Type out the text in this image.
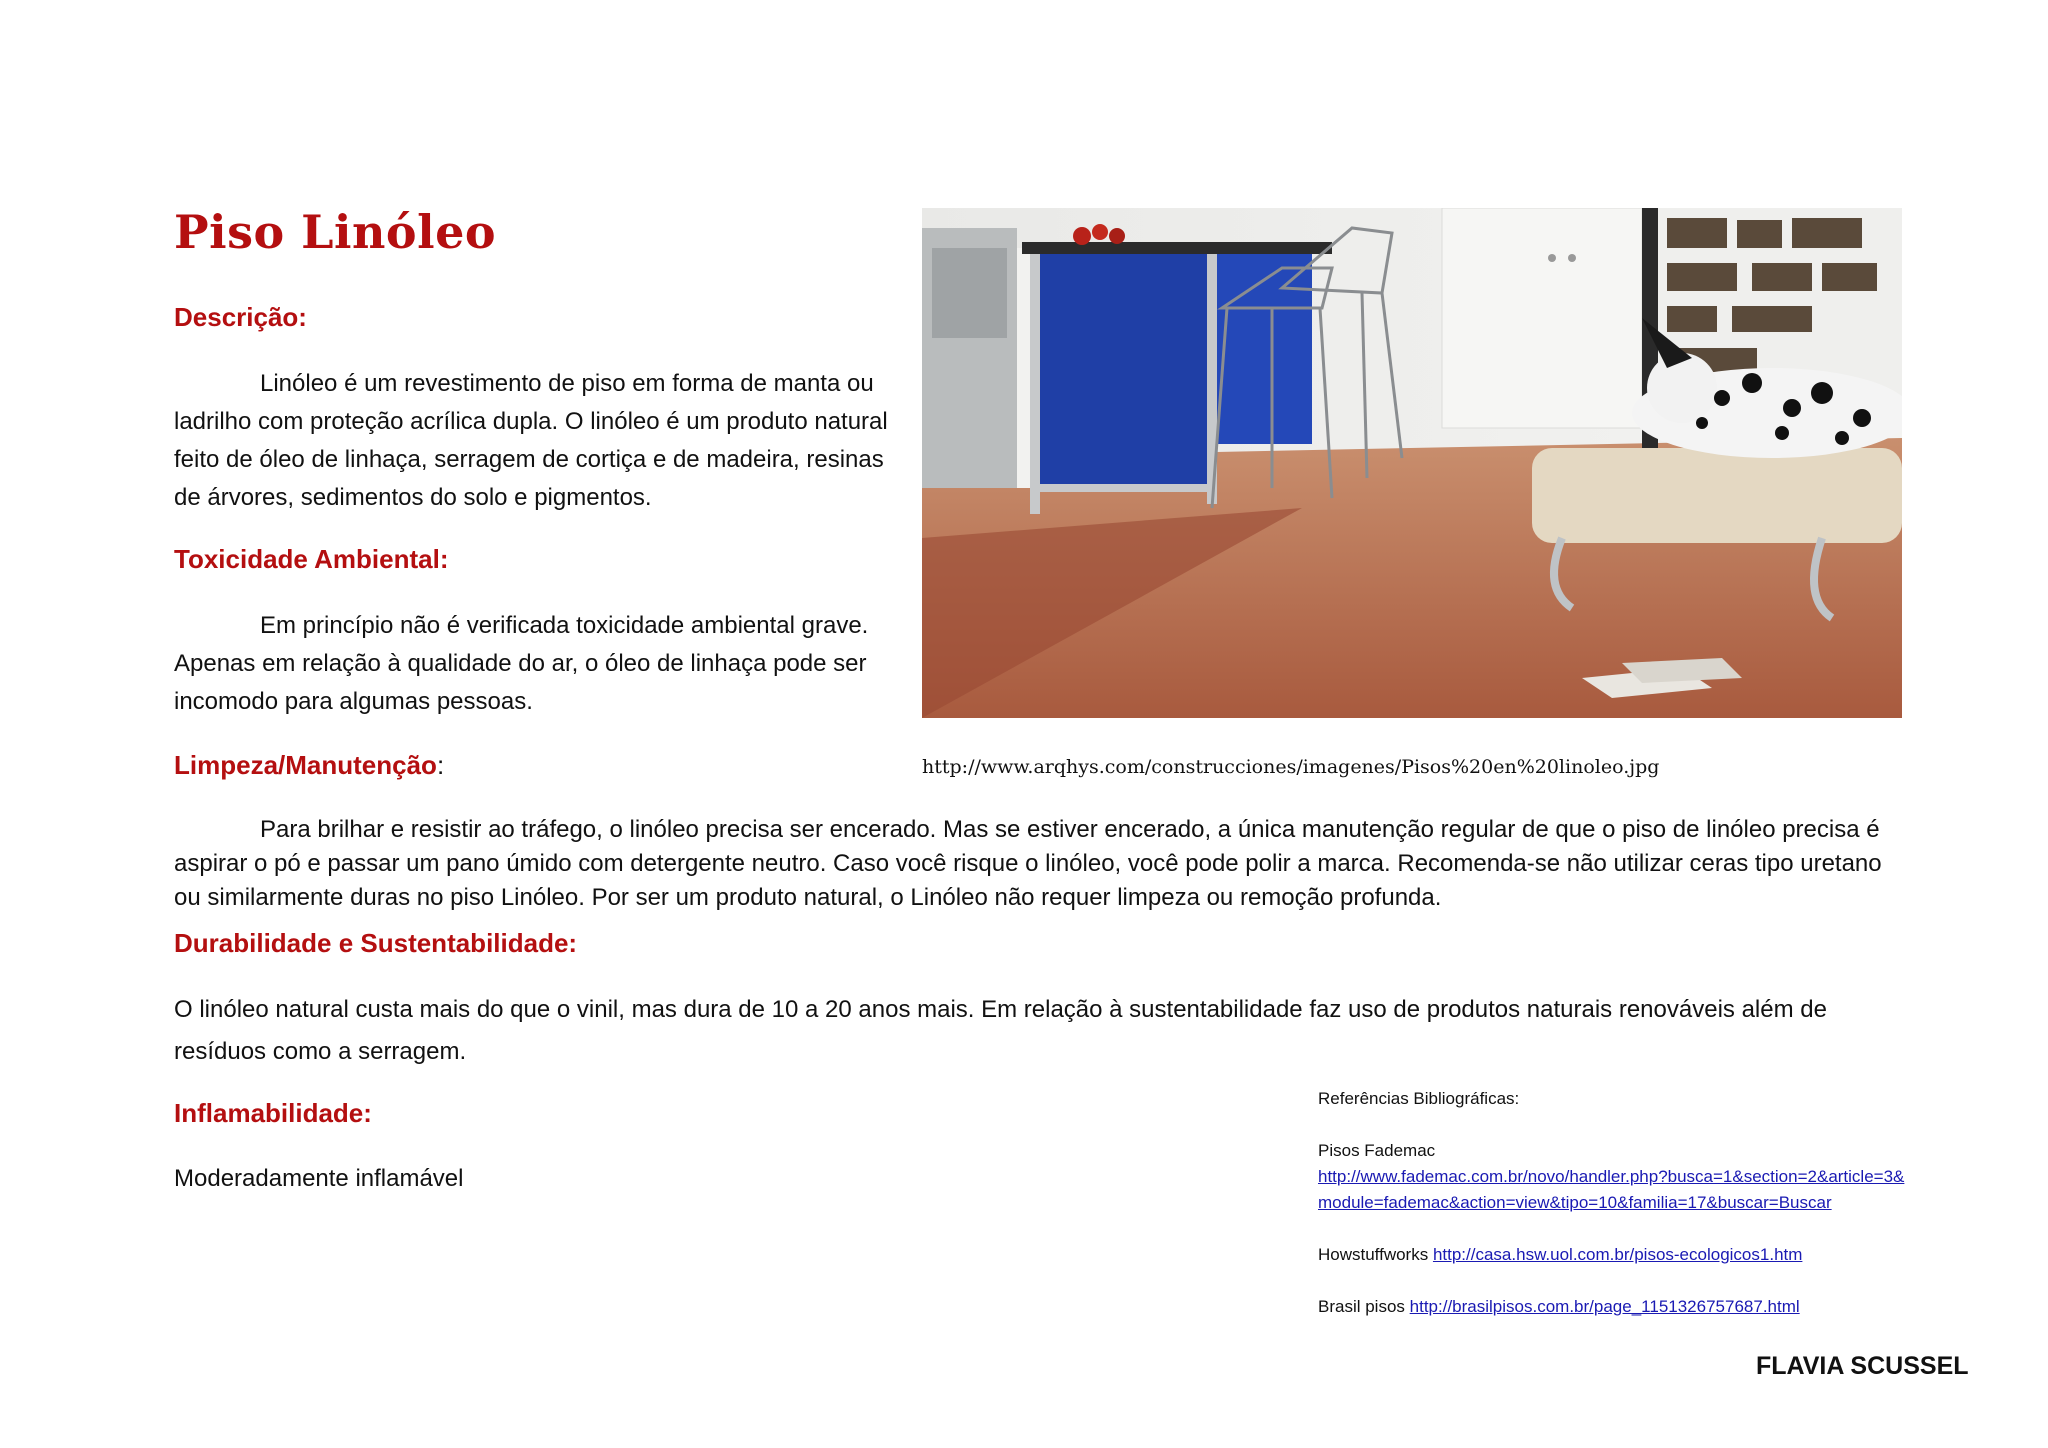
Piso Linóleo
Descrição:

Linóleo é um revestimento de piso em forma de manta ou ladrilho com proteção acrílica dupla. O linóleo é um produto natural feito de óleo de linhaça, serragem de cortiça e de madeira, resinas de árvores, sedimentos do solo e pigmentos.

Toxicidade Ambiental:

Em princípio não é verificada toxicidade ambiental grave. Apenas em relação à qualidade do ar, o óleo de linhaça pode ser incomodo para algumas pessoas.

http://www.arqhys.com/construcciones/imagenes/Pisos%20en%20linoleo.jpg
Limpeza/Manutenção:

Para brilhar e resistir ao tráfego, o linóleo precisa ser encerado. Mas se estiver encerado, a única manutenção regular de que o piso de linóleo precisa é aspirar o pó e passar um pano úmido com detergente neutro. Caso você risque o linóleo, você pode polir a marca. Recomenda-se não utilizar ceras tipo uretano ou similarmente duras no piso Linóleo. Por ser um produto natural, o Linóleo não requer limpeza ou remoção profunda.

Durabilidade e Sustentabilidade:

O linóleo natural custa mais do que o vinil, mas dura de 10 a 20 anos mais. Em relação à sustentabilidade faz uso de produtos naturais renováveis além de resíduos como a serragem.

Inflamabilidade:

Moderadamente inflamável

Referências Bibliográficas:

Pisos Fademac

http://www.fademac.com.br/novo/handler.php?busca=1&section=2&article=3&

module=fademac&action=view&tipo=10&familia=17&buscar=Buscar

Howstuffworks http://casa.hsw.uol.com.br/pisos-ecologicos1.htm

Brasil pisos http://brasilpisos.com.br/page_1151326757687.html

FLAVIA SCUSSEL
